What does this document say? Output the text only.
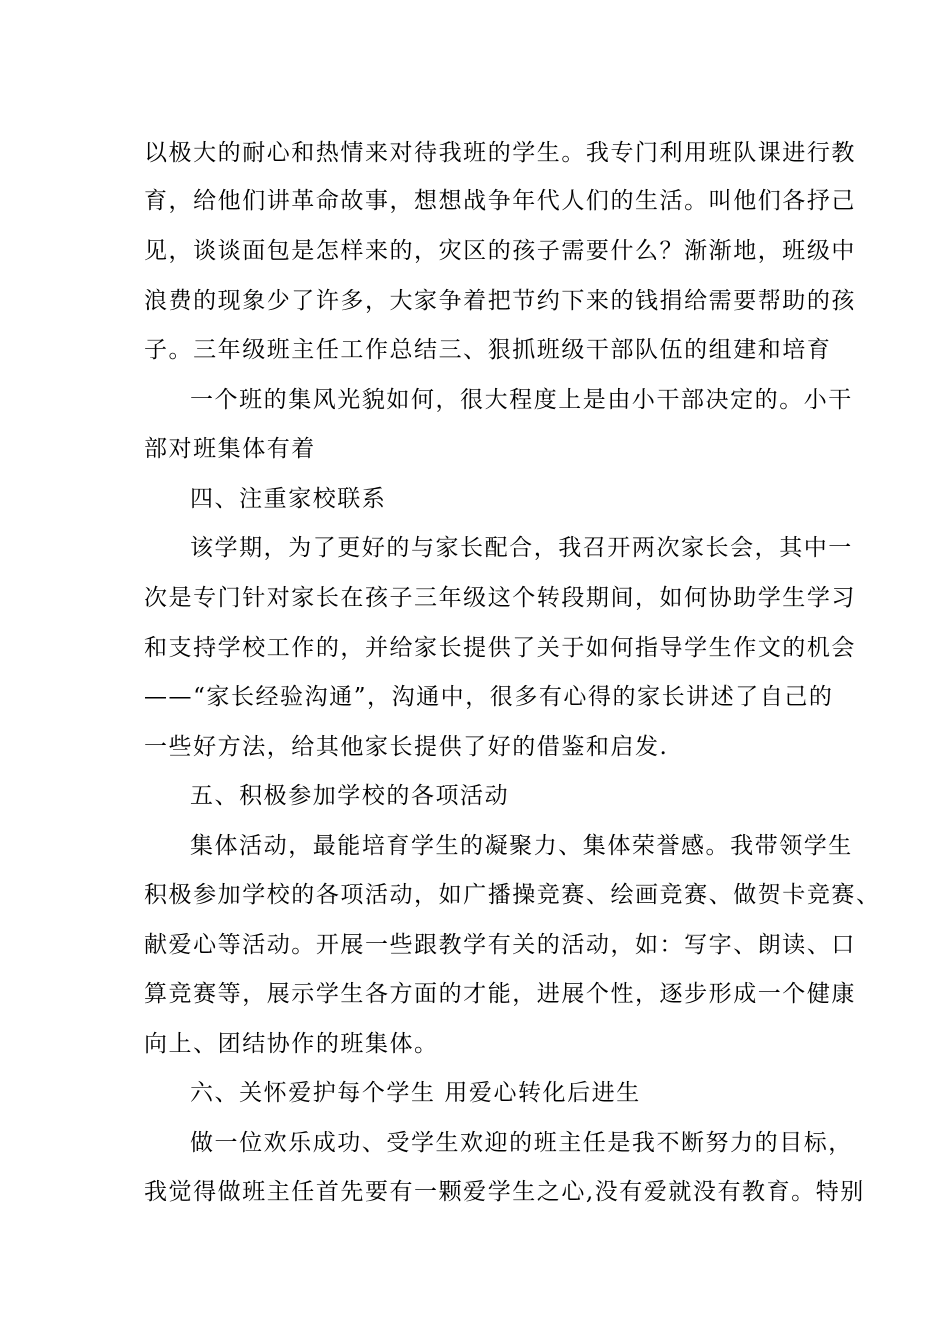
以极大的耐心和热情来对待我班的学生。我专门利用班队课进行教
育，给他们讲革命故事，想想战争年代人们的生活。叫他们各抒己
见，谈谈面包是怎样来的，灾区的孩子需要什么？渐渐地，班级中
浪费的现象少了许多，大家争着把节约下来的钱捐给需要帮助的孩
子。三年级班主任工作总结三、狠抓班级干部队伍的组建和培育
一个班的集风光貌如何，很大程度上是由小干部决定的。小干
部对班集体有着
四、注重家校联系
该学期，为了更好的与家长配合，我召开两次家长会，其中一
次是专门针对家长在孩子三年级这个转段期间，如何协助学生学习
和支持学校工作的，并给家长提供了关于如何指导学生作文的机会
——“家长经验沟通”，沟通中，很多有心得的家长讲述了自己的
一些好方法，给其他家长提供了好的借鉴和启发.
五、积极参加学校的各项活动
集体活动，最能培育学生的凝聚力、集体荣誉感。我带领学生
积极参加学校的各项活动，如广播操竞赛、绘画竞赛、做贺卡竞赛、
献爱心等活动。开展一些跟教学有关的活动，如：写字、朗读、口
算竞赛等，展示学生各方面的才能，进展个性，逐步形成一个健康
向上、团结协作的班集体。
六、关怀爱护每个学生 用爱心转化后进生
做一位欢乐成功、受学生欢迎的班主任是我不断努力的目标，
我觉得做班主任首先要有一颗爱学生之心,没有爱就没有教育。特别
